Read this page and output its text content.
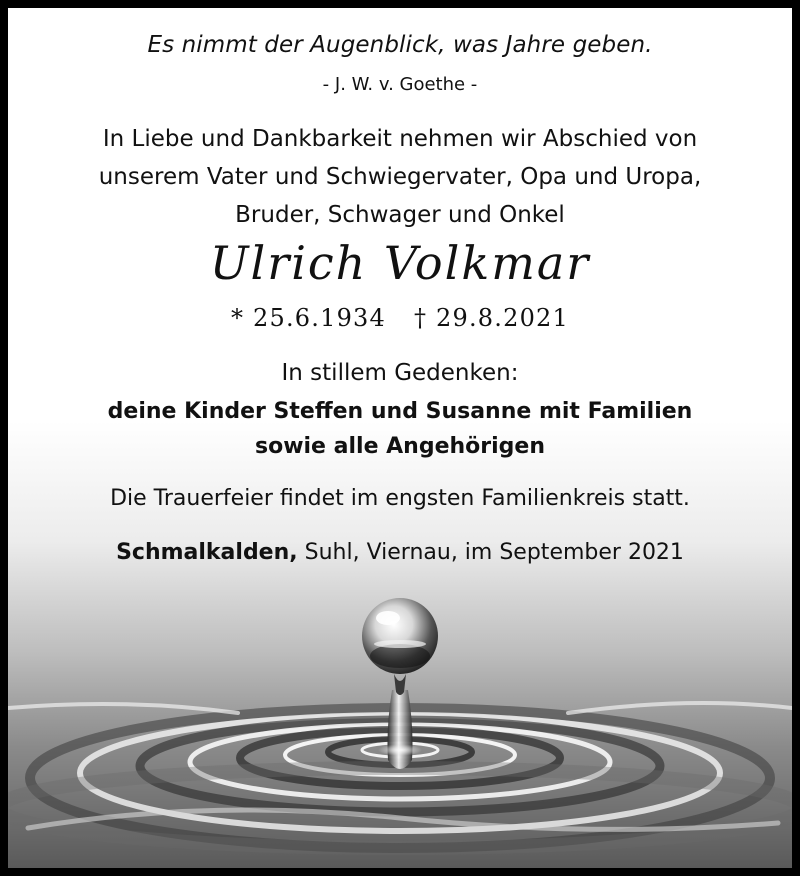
Es nimmt der Augenblick, was Jahre geben.
- J. W. v. Goethe -
In Liebe und Dankbarkeit nehmen wir Abschied von
unserem Vater und Schwiegervater, Opa und Uropa,
Bruder, Schwager und Onkel
Ulrich Volkmar
* 25.6.1934 † 29.8.2021
In stillem Gedenken:
deine Kinder Steffen und Susanne mit Familien
sowie alle Angehörigen
Die Trauerfeier findet im engsten Familienkreis statt.
Schmalkalden, Suhl, Viernau, im September 2021
